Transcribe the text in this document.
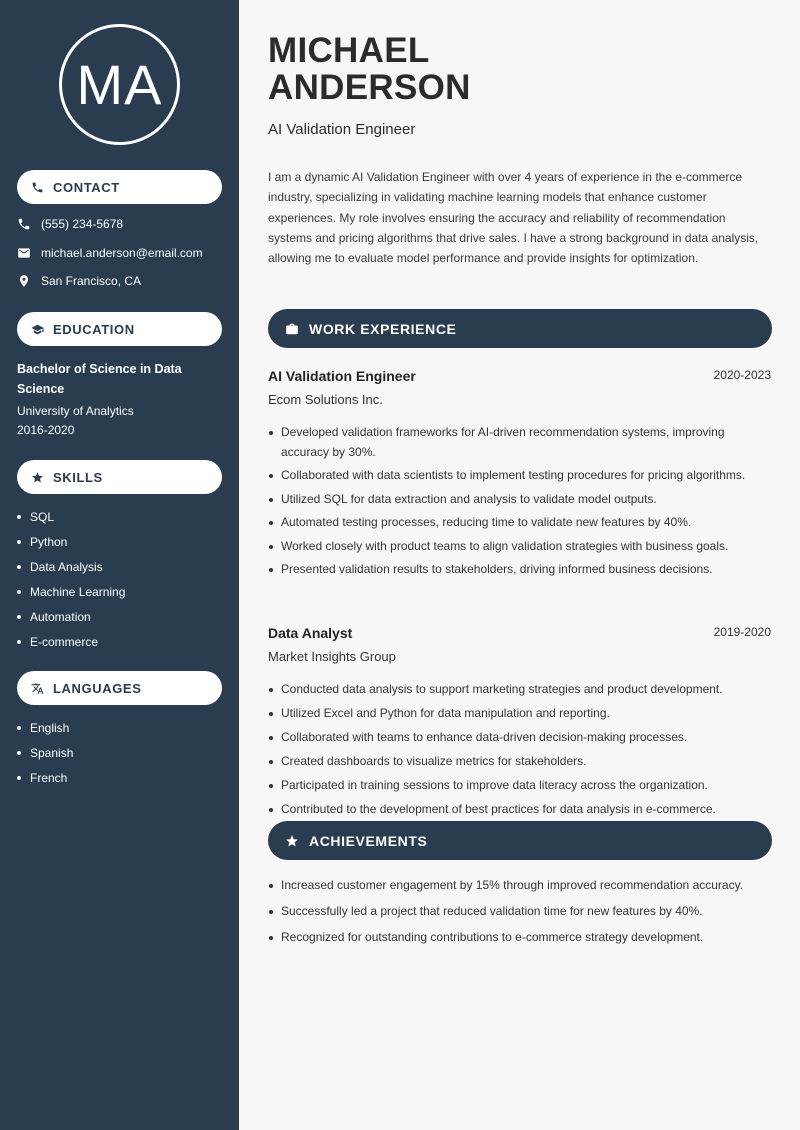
MA
CONTACT
(555) 234-5678
michael.anderson@email.com
San Francisco, CA
EDUCATION
Bachelor of Science in Data Science
University of Analytics
2016-2020
SKILLS
SQL
Python
Data Analysis
Machine Learning
Automation
E-commerce
LANGUAGES
English
Spanish
French
MICHAEL
ANDERSON
AI Validation Engineer
I am a dynamic AI Validation Engineer with over 4 years of experience in the e-commerce industry, specializing in validating machine learning models that enhance customer experiences. My role involves ensuring the accuracy and reliability of recommendation systems and pricing algorithms that drive sales. I have a strong background in data analysis, allowing me to evaluate model performance and provide insights for optimization.
WORK EXPERIENCE
AI Validation Engineer	2020-2023
Ecom Solutions Inc.
Developed validation frameworks for AI-driven recommendation systems, improving accuracy by 30%.
Collaborated with data scientists to implement testing procedures for pricing algorithms.
Utilized SQL for data extraction and analysis to validate model outputs.
Automated testing processes, reducing time to validate new features by 40%.
Worked closely with product teams to align validation strategies with business goals.
Presented validation results to stakeholders, driving informed business decisions.
Data Analyst	2019-2020
Market Insights Group
Conducted data analysis to support marketing strategies and product development.
Utilized Excel and Python for data manipulation and reporting.
Collaborated with teams to enhance data-driven decision-making processes.
Created dashboards to visualize metrics for stakeholders.
Participated in training sessions to improve data literacy across the organization.
Contributed to the development of best practices for data analysis in e-commerce.
ACHIEVEMENTS
Increased customer engagement by 15% through improved recommendation accuracy.
Successfully led a project that reduced validation time for new features by 40%.
Recognized for outstanding contributions to e-commerce strategy development.
